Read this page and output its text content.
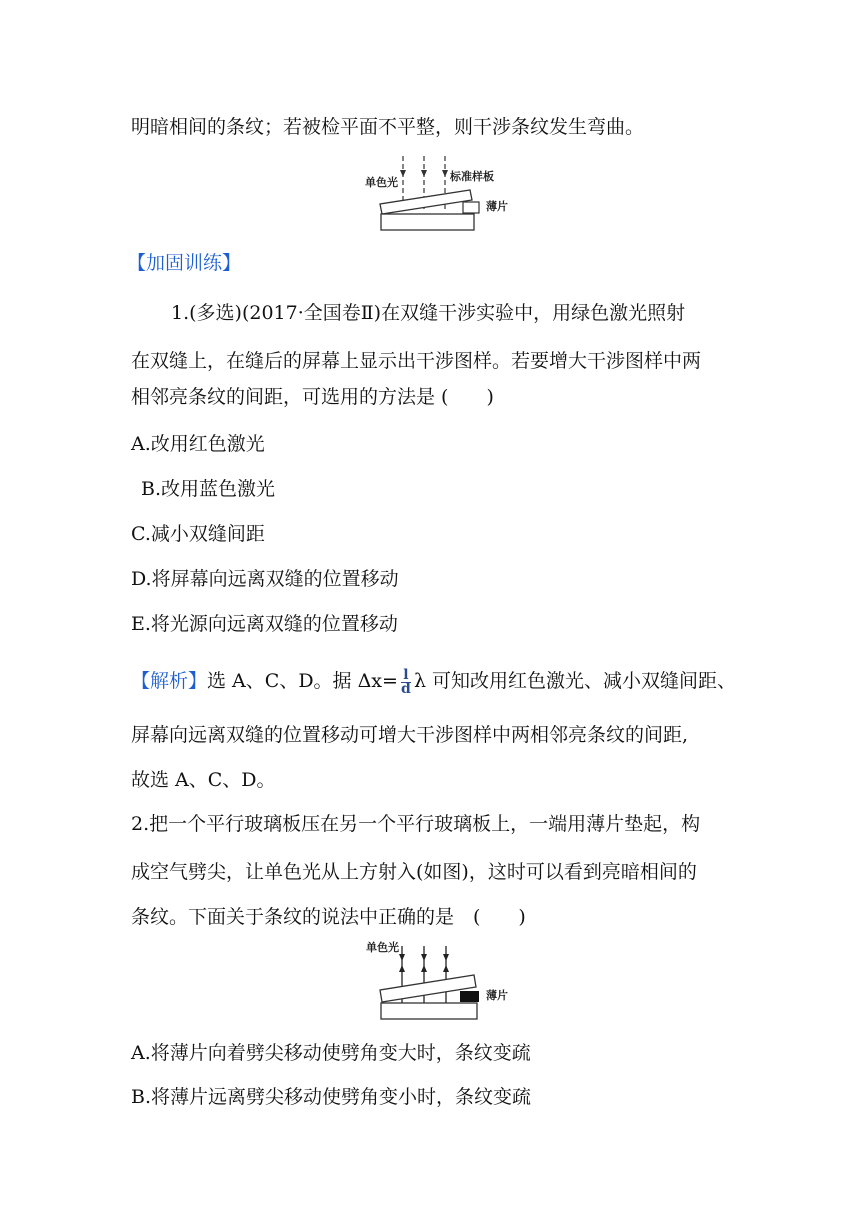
明暗相间的条纹；若被检平面不平整，则干涉条纹发生弯曲。
单色光	标准样板
薄片
【加固训练】
1.(多选)(2017·全国卷Ⅱ)在双缝干涉实验中，用绿色激光照射
在双缝上，在缝后的屏幕上显示出干涉图样。若要增大干涉图样中两
相邻亮条纹的间距，可选用的方法是 (　　)
A.改用红色激光
B.改用蓝色激光
C.减小双缝间距
D.将屏幕向远离双缝的位置移动
E.将光源向远离双缝的位置移动
【解析】选 A、C、D。据 $\Delta x= \frac{l}{d}$ λ 可知改用红色激光、减小双缝间距、
屏幕向远离双缝的位置移动可增大干涉图样中两相邻亮条纹的间距,
故选 A、C、D。
2.把一个平行玻璃板压在另一个平行玻璃板上，一端用薄片垫起，构
成空气劈尖，让单色光从上方射入(如图)，这时可以看到亮暗相间的
条纹。下面关于条纹的说法中正确的是　(　　)
单色光
薄片
A.将薄片向着劈尖移动使劈角变大时，条纹变疏
B.将薄片远离劈尖移动使劈角变小时，条纹变疏
